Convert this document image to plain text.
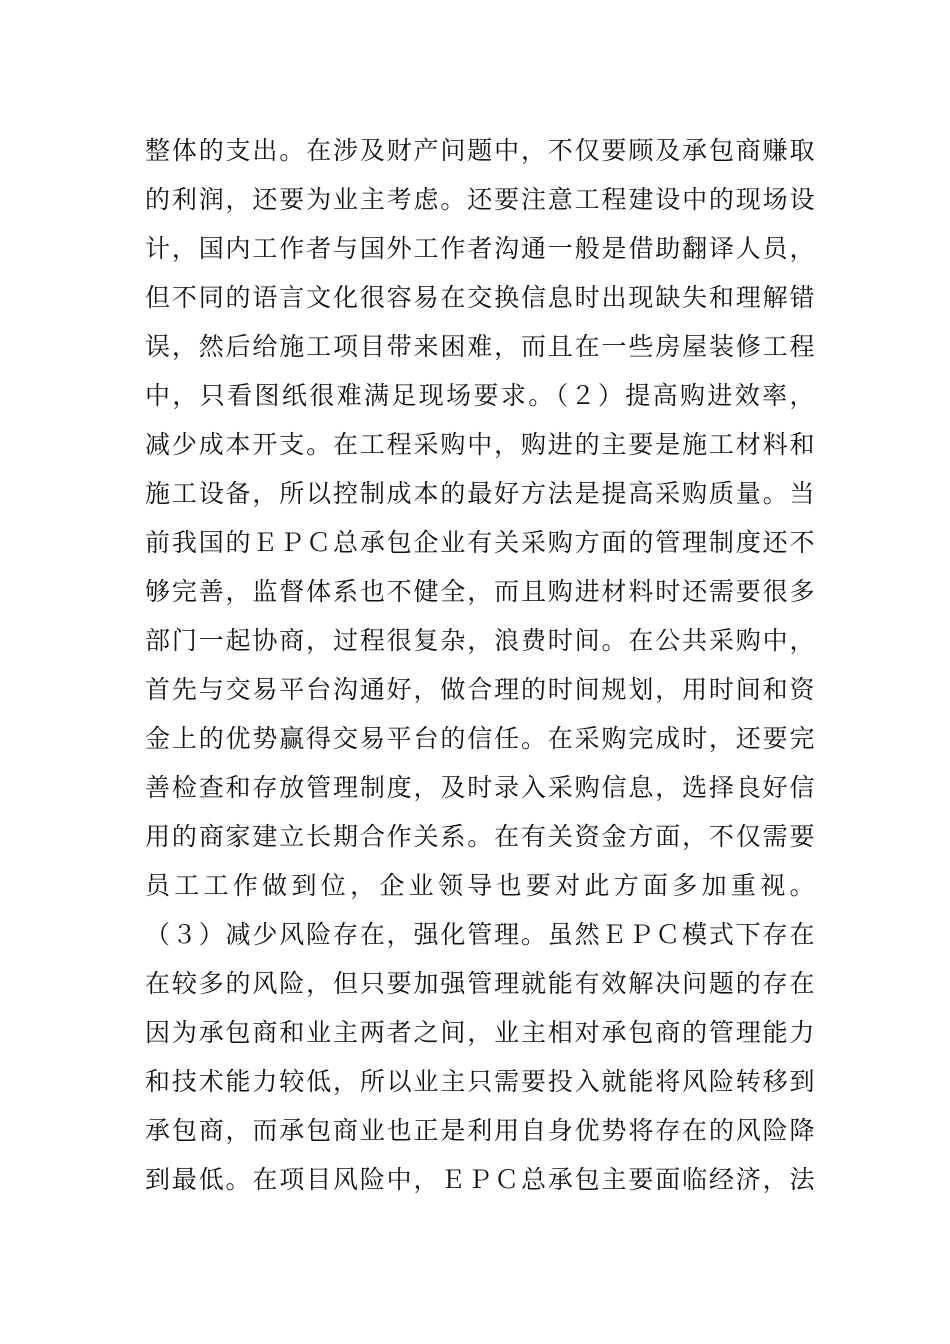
整体的支出。在涉及财产问题中，不仅要顾及承包商赚取
的利润，还要为业主考虑。还要注意工程建设中的现场设
计，国内工作者与国外工作者沟通一般是借助翻译人员，
但不同的语言文化很容易在交换信息时出现缺失和理解错
误，然后给施工项目带来困难，而且在一些房屋装修工程
中，只看图纸很难满足现场要求。（２）提高购进效率，
减少成本开支。在工程采购中，购进的主要是施工材料和
施工设备，所以控制成本的最好方法是提高采购质量。当
前我国的ＥＰＣ总承包企业有关采购方面的管理制度还不
够完善，监督体系也不健全，而且购进材料时还需要很多
部门一起协商，过程很复杂，浪费时间。在公共采购中，
首先与交易平台沟通好，做合理的时间规划，用时间和资
金上的优势赢得交易平台的信任。在采购完成时，还要完
善检查和存放管理制度，及时录入采购信息，选择良好信
用的商家建立长期合作关系。在有关资金方面，不仅需要
员工工作做到位，企业领导也要对此方面多加重视。
（３）减少风险存在，强化管理。虽然ＥＰＣ模式下存在
在较多的风险，但只要加强管理就能有效解决问题的存在
因为承包商和业主两者之间，业主相对承包商的管理能力
和技术能力较低，所以业主只需要投入就能将风险转移到
承包商，而承包商业也正是利用自身优势将存在的风险降
到最低。在项目风险中，ＥＰＣ总承包主要面临经济，法
